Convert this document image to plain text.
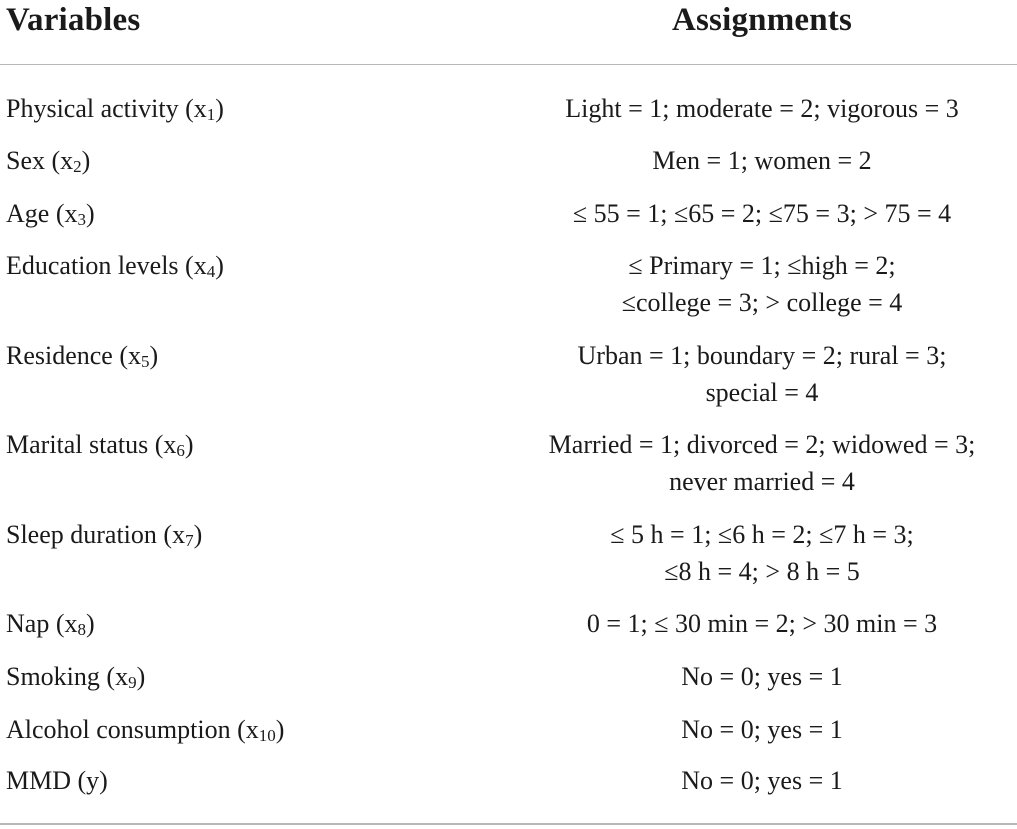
Variables	Assignments
Physical activity $(x_1)$	Light = 1; moderate = 2; vigorous = 3
Sex $(x_2)$	Men = 1; women = 2
Age $(x_3)$	≤ 55 = 1; ≤65 = 2; ≤75 = 3; > 75 = 4
Education levels $(x_4)$	≤ Primary = 1; ≤high = 2;
≤college = 3; > college = 4
Residence $(x_5)$	Urban = 1; boundary = 2; rural = 3;
special = 4
Marital status $(x_6)$	Married = 1; divorced = 2; widowed = 3;
never married = 4
Sleep duration $(x_7)$	≤ 5 h = 1; ≤6 h = 2; ≤7 h = 3;
≤8 h = 4; > 8 h = 5
Nap $(x_8)$	0 = 1; ≤ 30 min = 2; > 30 min = 3
Smoking $(x_9)$	No = 0; yes = 1
Alcohol consumption $(x_{10})$	No = 0; yes = 1
MMD (y)	No = 0; yes = 1
